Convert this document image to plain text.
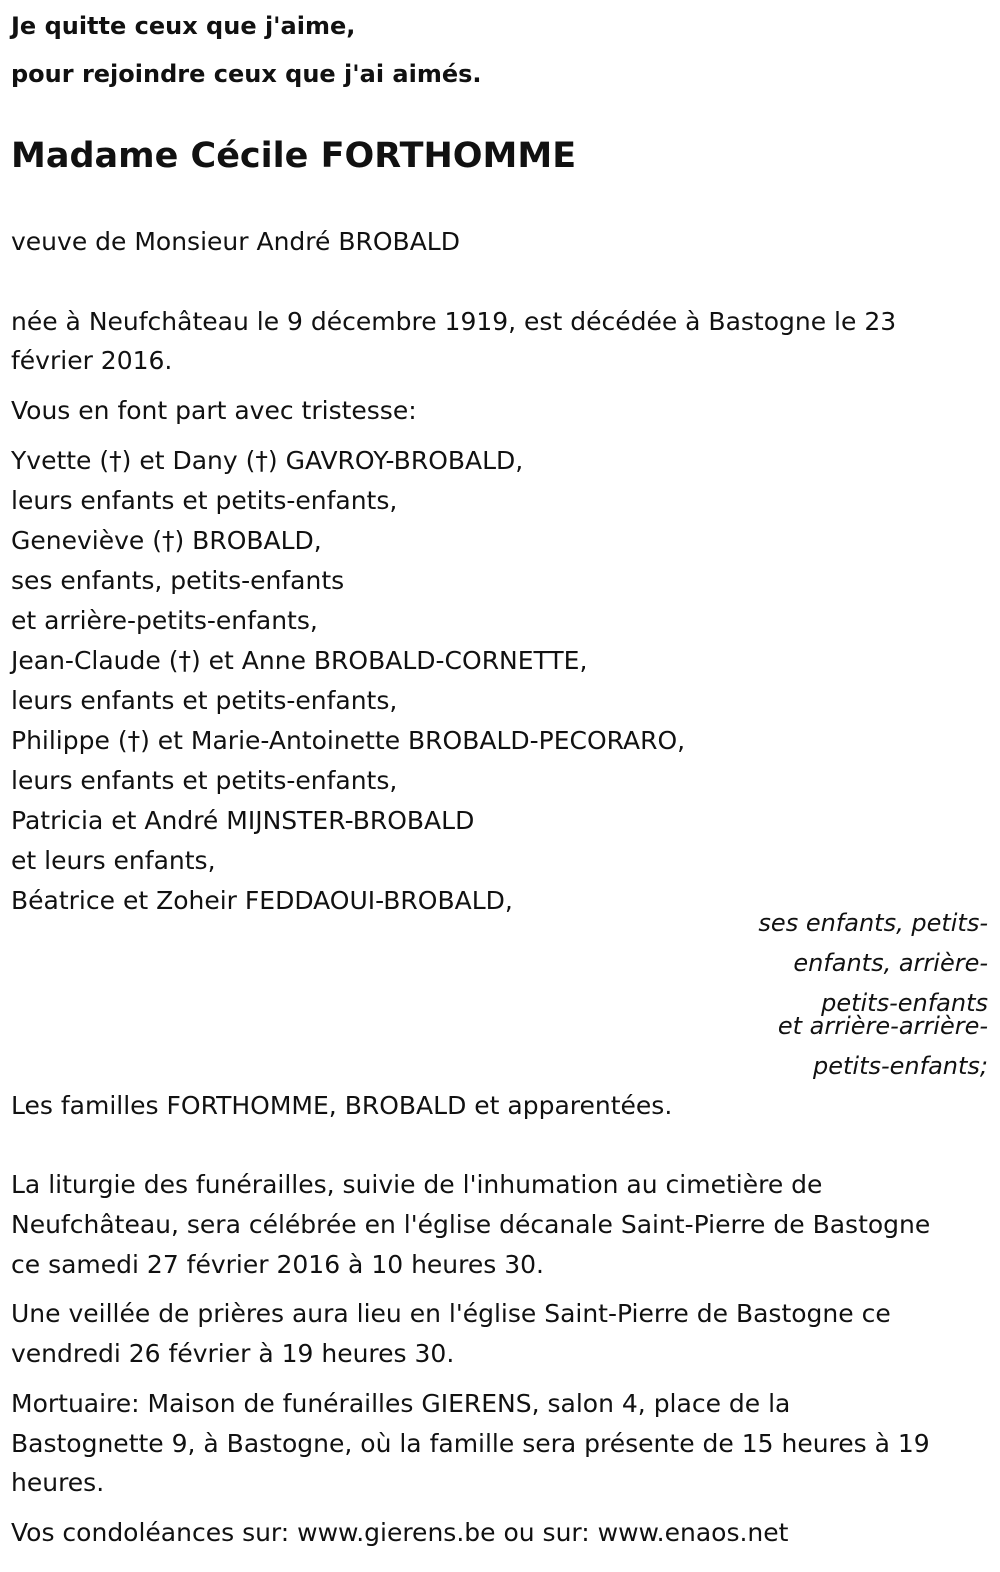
Je quitte ceux que j'aime,

pour rejoindre ceux que j'ai aimés.

Madame Cécile FORTHOMME

veuve de Monsieur André BROBALD

née à Neufchâteau le 9 décembre 1919, est décédée à Bastogne le 23

février 2016.

Vous en font part avec tristesse:

Yvette (†) et Dany (†) GAVROY-BROBALD,

leurs enfants et petits-enfants,

Geneviève (†) BROBALD,

ses enfants, petits-enfants

et arrière-petits-enfants,

Jean-Claude (†) et Anne BROBALD-CORNETTE,

leurs enfants et petits-enfants,

Philippe (†) et Marie-Antoinette BROBALD-PECORARO,

leurs enfants et petits-enfants,

Patricia et André MIJNSTER-BROBALD

et leurs enfants,

Béatrice et Zoheir FEDDAOUI-BROBALD,

ses enfants, petits-

enfants, arrière-

petits-enfants

et arrière-arrière-

petits-enfants;

Les familles FORTHOMME, BROBALD et apparentées.

La liturgie des funérailles, suivie de l'inhumation au cimetière de

Neufchâteau, sera célébrée en l'église décanale Saint-Pierre de Bastogne

ce samedi 27 février 2016 à 10 heures 30.

Une veillée de prières aura lieu en l'église Saint-Pierre de Bastogne ce

vendredi 26 février à 19 heures 30.

Mortuaire: Maison de funérailles GIERENS, salon 4, place de la

Bastognette 9, à Bastogne, où la famille sera présente de 15 heures à 19

heures.

Vos condoléances sur: www.gierens.be ou sur: www.enaos.net
